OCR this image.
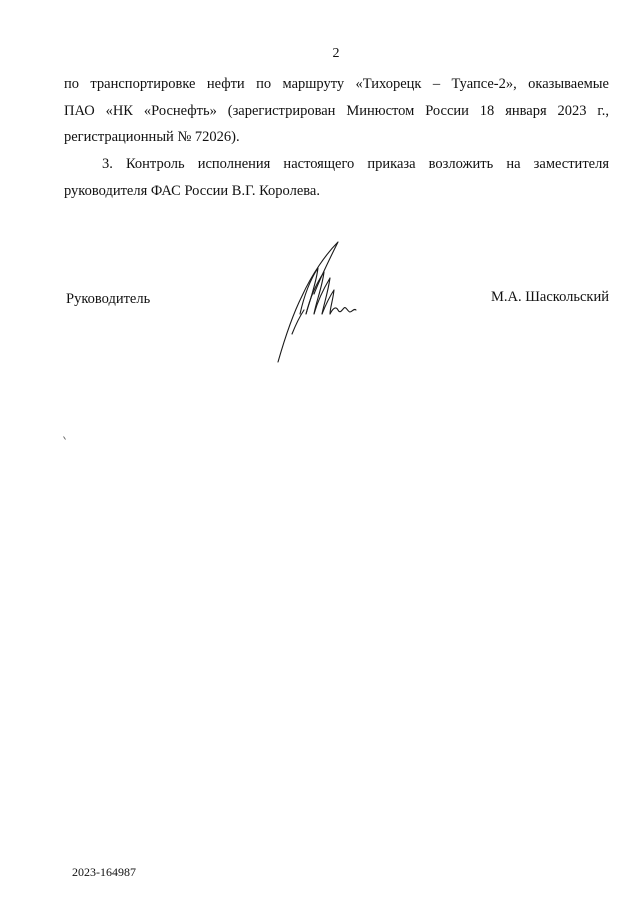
2
по транспортировке нефти по маршруту «Тихорецк – Туапсе-2», оказываемые
ПАО «НК «Роснефть» (зарегистрирован Минюстом России 18 января 2023 г.,
регистрационный № 72026).
3. Контроль исполнения настоящего приказа возложить на заместителя
руководителя ФАС России В.Г. Королева.
Руководитель	М.А. Шаскольский
2023-164987
